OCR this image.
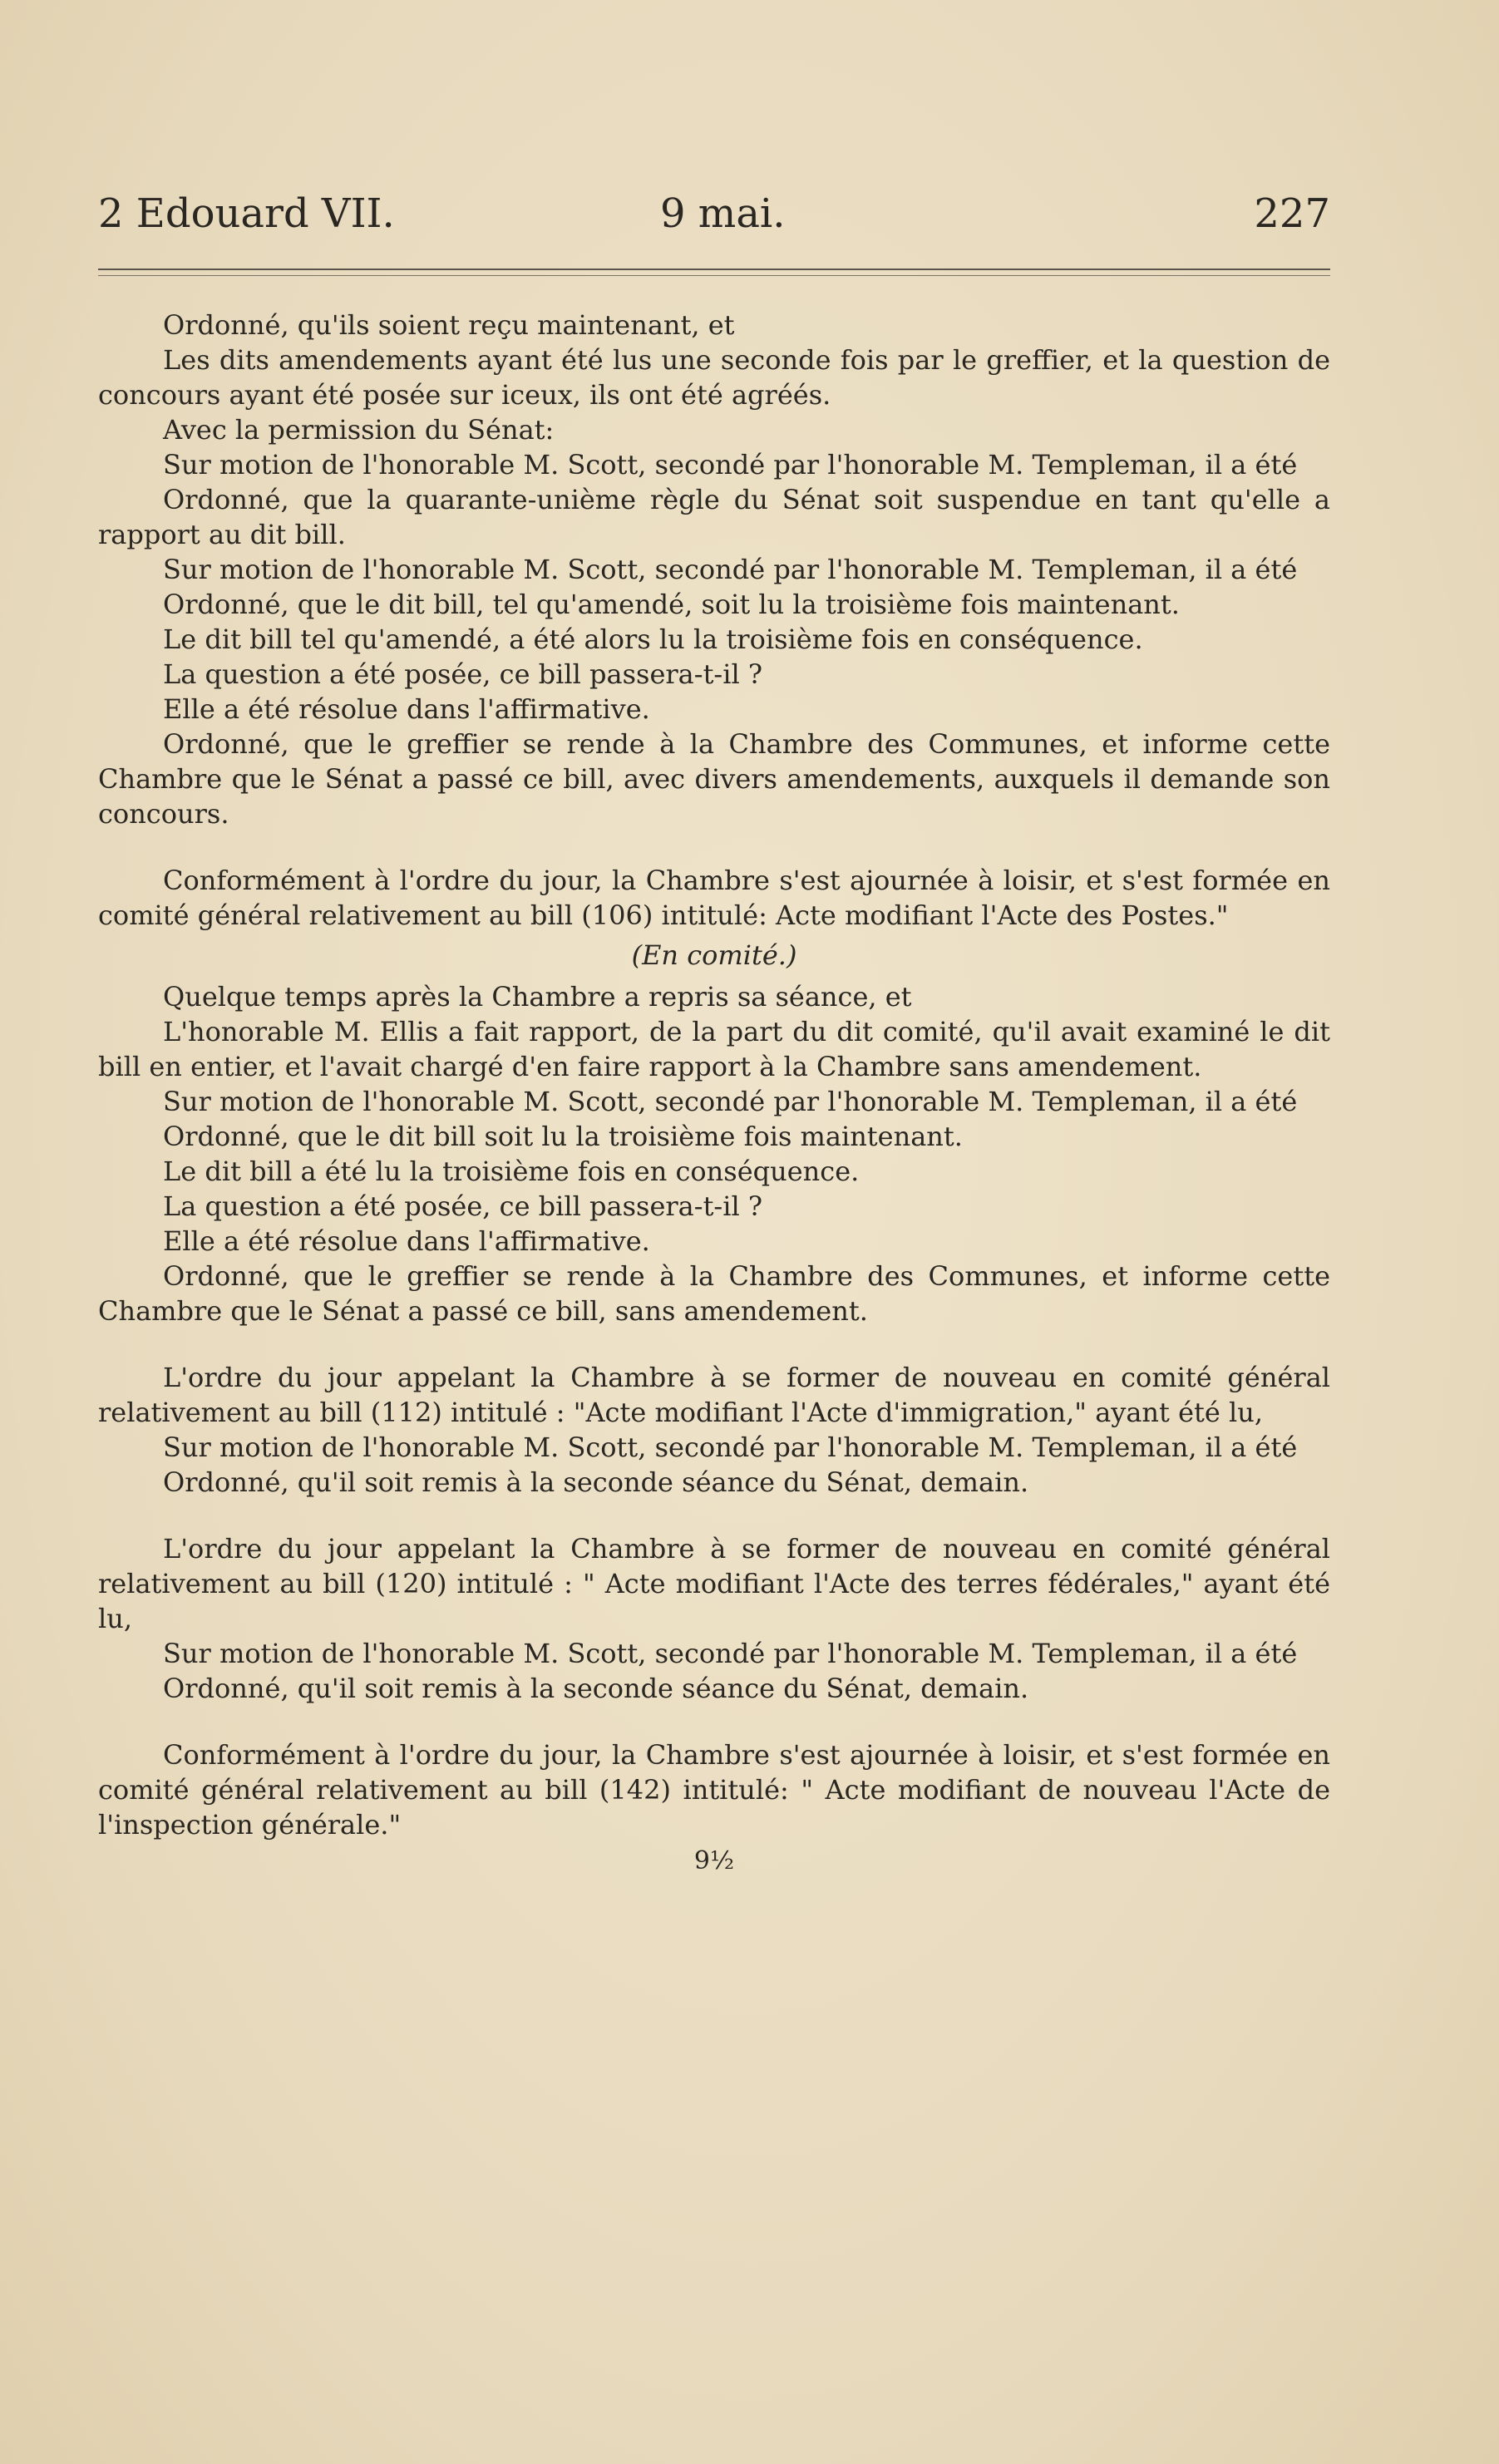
2 Edouard VII.	9 mai.	227

Ordonné, qu'ils soient reçu maintenant, et

Les dits amendements ayant été lus une seconde fois par le greffier, et la question de concours ayant été posée sur iceux, ils ont été agréés.

Avec la permission du Sénat:

Sur motion de l'honorable M. Scott, secondé par l'honorable M. Templeman, il a été

Ordonné, que la quarante-unième règle du Sénat soit suspendue en tant qu'elle a rapport au dit bill.

Sur motion de l'honorable M. Scott, secondé par l'honorable M. Templeman, il a été

Ordonné, que le dit bill, tel qu'amendé, soit lu la troisième fois maintenant.

Le dit bill tel qu'amendé, a été alors lu la troisième fois en conséquence.

La question a été posée, ce bill passera-t-il ?

Elle a été résolue dans l'affirmative.

Ordonné, que le greffier se rende à la Chambre des Communes, et informe cette Chambre que le Sénat a passé ce bill, avec divers amendements, auxquels il demande son concours.

Conformément à l'ordre du jour, la Chambre s'est ajournée à loisir, et s'est formée en comité général relativement au bill (106) intitulé: Acte modifiant l'Acte des Postes."

(En comité.)

Quelque temps après la Chambre a repris sa séance, et

L'honorable M. Ellis a fait rapport, de la part du dit comité, qu'il avait examiné le dit bill en entier, et l'avait chargé d'en faire rapport à la Chambre sans amendement.

Sur motion de l'honorable M. Scott, secondé par l'honorable M. Templeman, il a été

Ordonné, que le dit bill soit lu la troisième fois maintenant.

Le dit bill a été lu la troisième fois en conséquence.

La question a été posée, ce bill passera-t-il ?

Elle a été résolue dans l'affirmative.

Ordonné, que le greffier se rende à la Chambre des Communes, et informe cette Chambre que le Sénat a passé ce bill, sans amendement.

L'ordre du jour appelant la Chambre à se former de nouveau en comité général relativement au bill (112) intitulé : "Acte modifiant l'Acte d'immigration," ayant été lu,

Sur motion de l'honorable M. Scott, secondé par l'honorable M. Templeman, il a été

Ordonné, qu'il soit remis à la seconde séance du Sénat, demain.

L'ordre du jour appelant la Chambre à se former de nouveau en comité général relativement au bill (120) intitulé : " Acte modifiant l'Acte des terres fédérales," ayant été lu,

Sur motion de l'honorable M. Scott, secondé par l'honorable M. Templeman, il a été

Ordonné, qu'il soit remis à la seconde séance du Sénat, demain.

Conformément à l'ordre du jour, la Chambre s'est ajournée à loisir, et s'est formée en comité général relativement au bill (142) intitulé: " Acte modifiant de nouveau l'Acte de l'inspection générale."

9½
